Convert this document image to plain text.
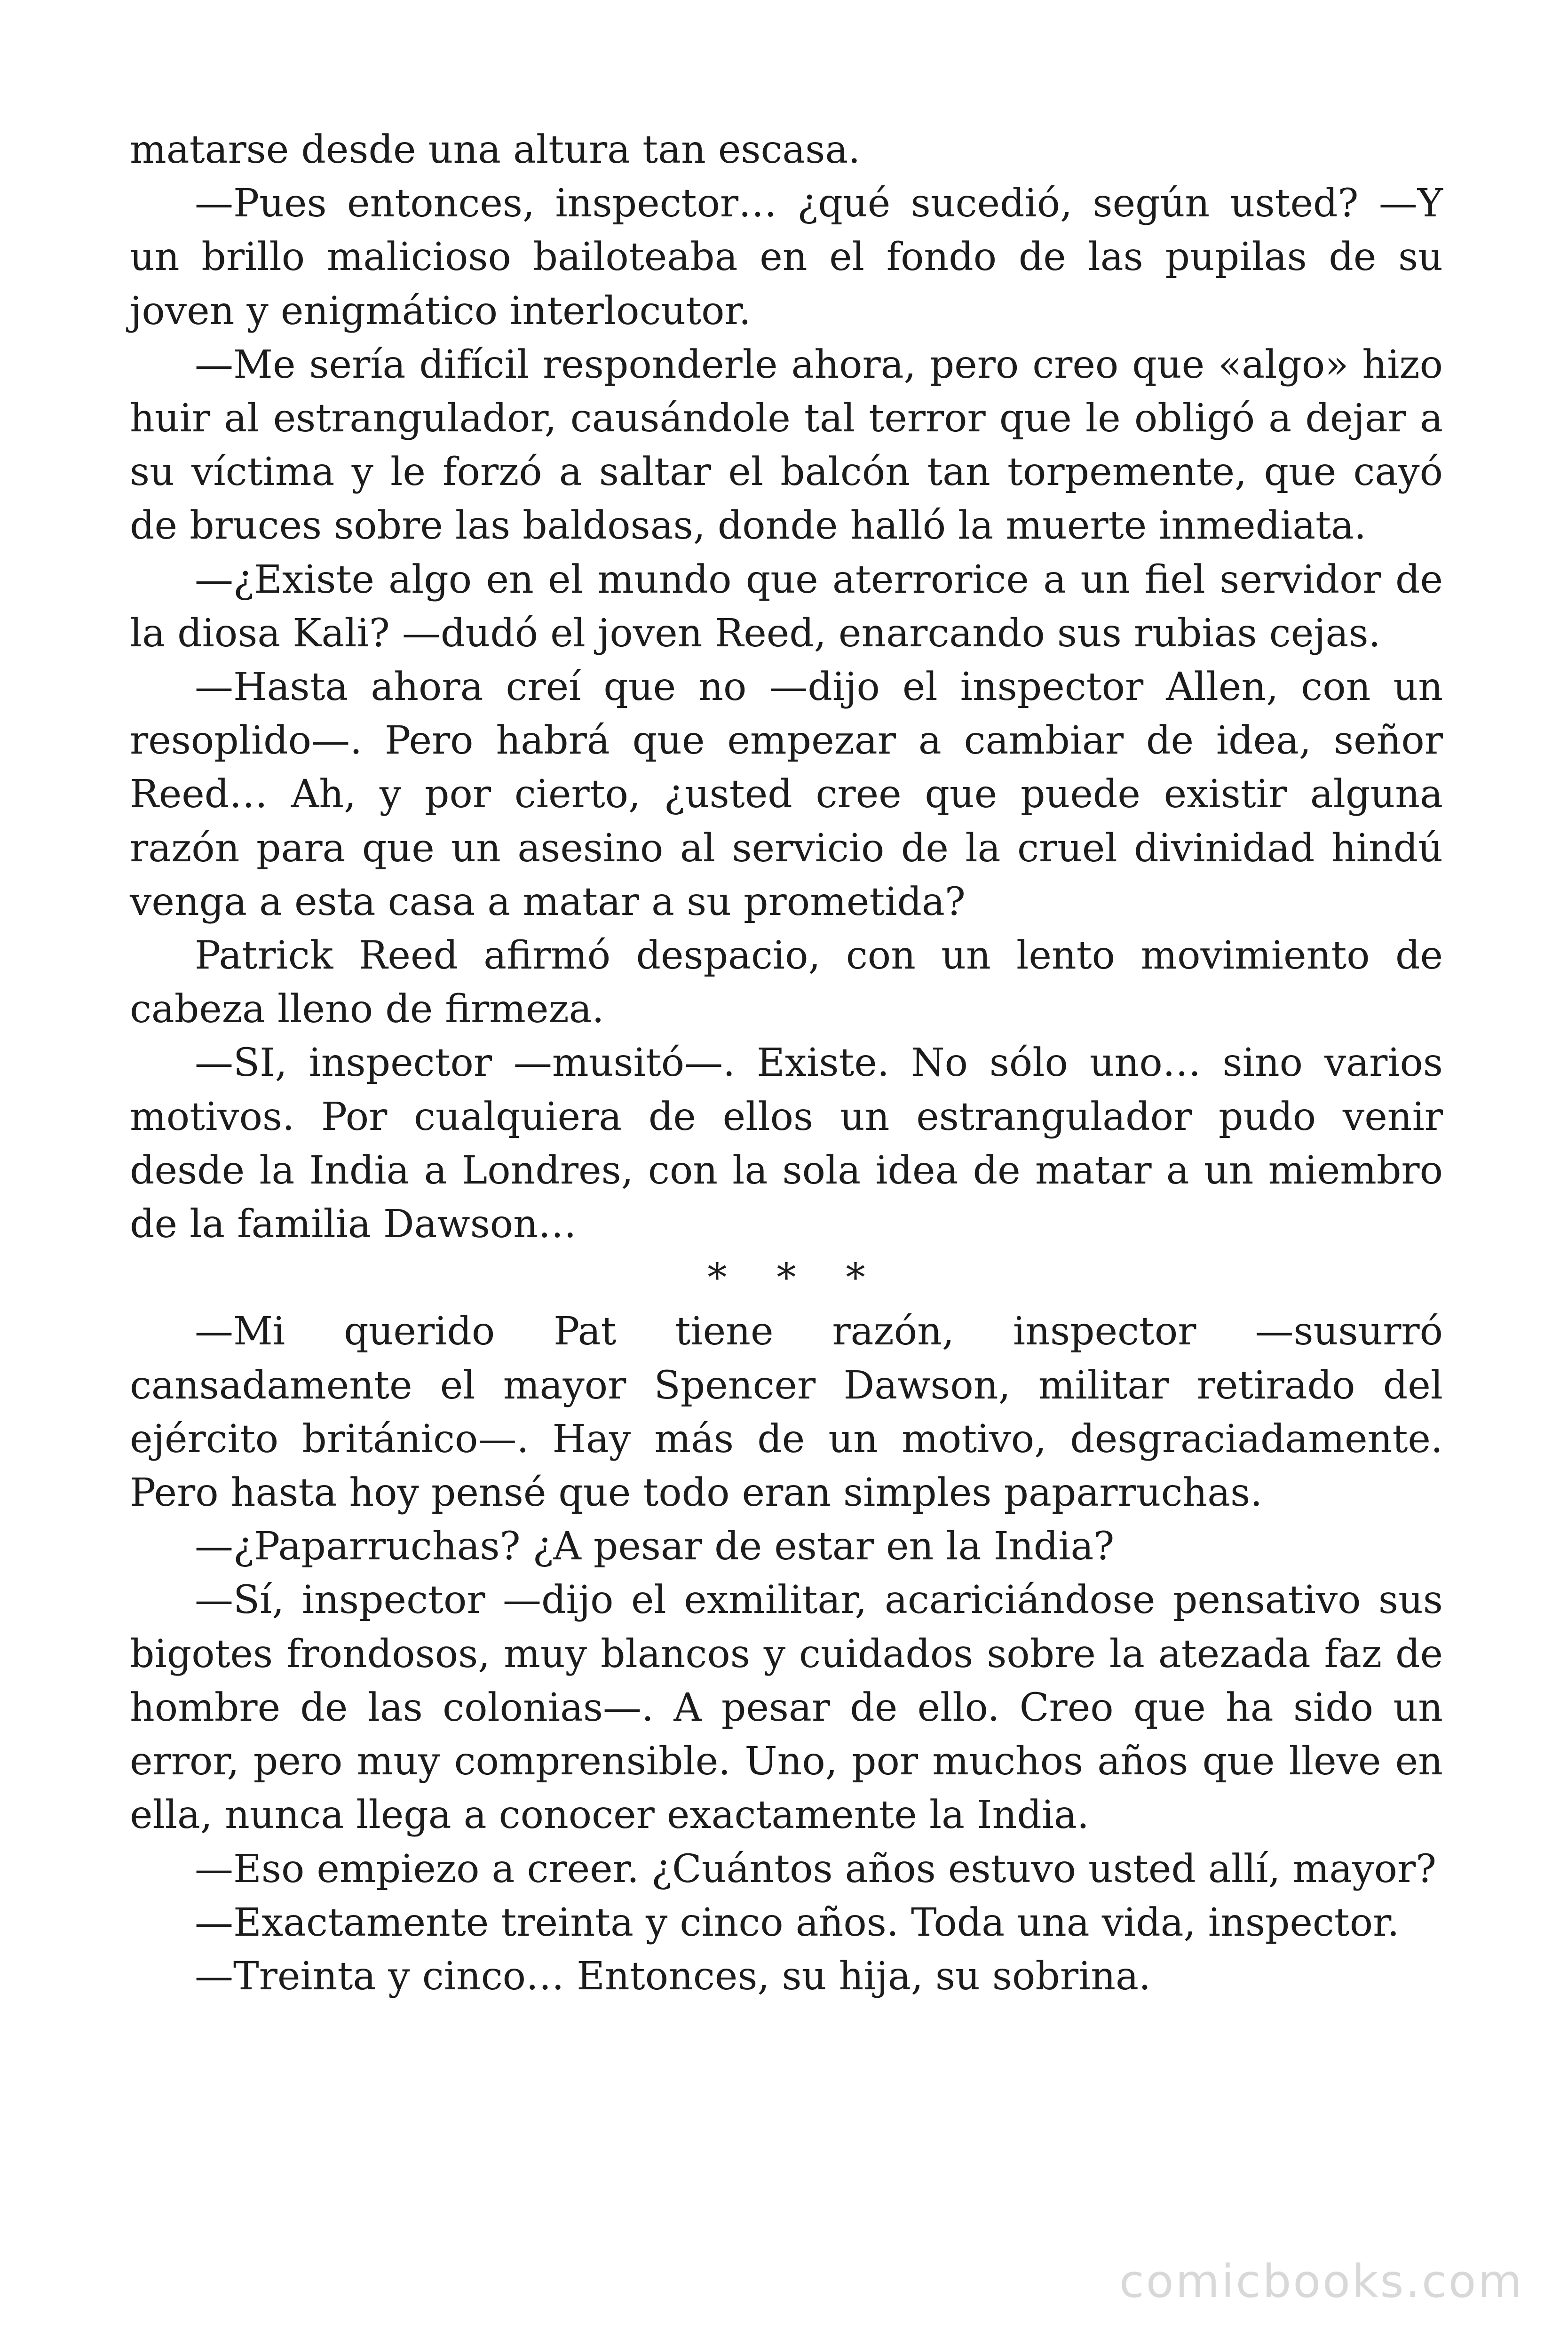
matarse desde una altura tan escasa.

—Pues entonces, inspector… ¿qué sucedió, según usted? —Y un brillo malicioso bailoteaba en el fondo de las pupilas de su joven y enigmático interlocutor.

—Me sería difícil responderle ahora, pero creo que «algo» hizo huir al estrangulador, causándole tal terror que le obligó a dejar a su víctima y le forzó a saltar el balcón tan torpemente, que cayó de bruces sobre las baldosas, donde halló la muerte inmediata.

—¿Existe algo en el mundo que aterrorice a un fiel servidor de la diosa Kali? —dudó el joven Reed, enarcando sus rubias cejas.

—Hasta ahora creí que no —dijo el inspector Allen, con un resoplido—. Pero habrá que empezar a cambiar de idea, señor Reed… Ah, y por cierto, ¿usted cree que puede existir alguna razón para que un asesino al servicio de la cruel divinidad hindú venga a esta casa a matar a su prometida?

Patrick Reed afirmó despacio, con un lento movimiento de cabeza lleno de firmeza.

—SI, inspector —musitó—. Existe. No sólo uno… sino varios motivos. Por cualquiera de ellos un estrangulador pudo venir desde la India a Londres, con la sola idea de matar a un miembro de la familia Dawson…

* * *

—Mi querido Pat tiene razón, inspector —susurró cansadamente el mayor Spencer Dawson, militar retirado del ejército británico—. Hay más de un motivo, desgraciadamente. Pero hasta hoy pensé que todo eran simples paparruchas.

—¿Paparruchas? ¿A pesar de estar en la India?

—Sí, inspector —dijo el exmilitar, acariciándose pensativo sus bigotes frondosos, muy blancos y cuidados sobre la atezada faz de hombre de las colonias—. A pesar de ello. Creo que ha sido un error, pero muy comprensible. Uno, por muchos años que lleve en ella, nunca llega a conocer exactamente la India.

—Eso empiezo a creer. ¿Cuántos años estuvo usted allí, mayor?

—Exactamente treinta y cinco años. Toda una vida, inspector.

—Treinta y cinco… Entonces, su hija, su sobrina.

comicbooks.com
